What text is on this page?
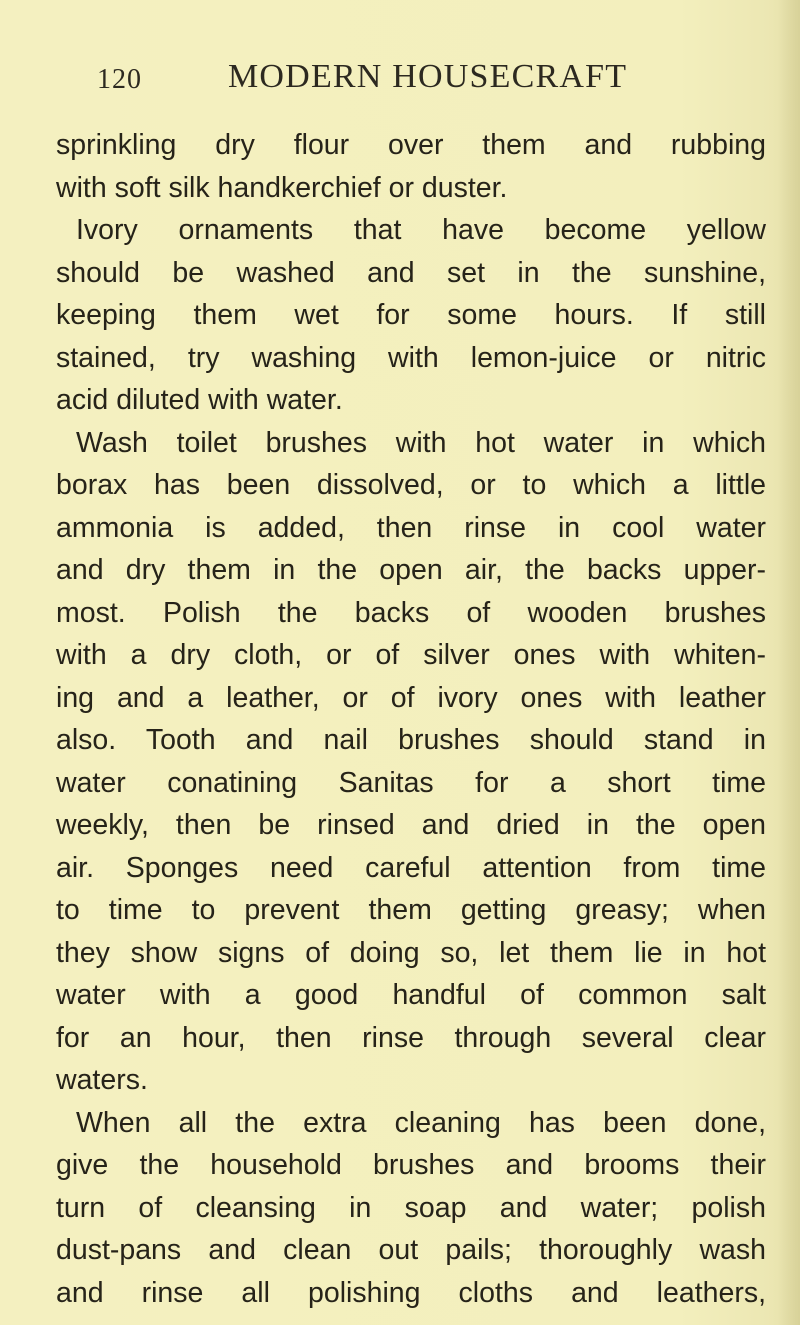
120	MODERN HOUSECRAFT
sprinkling dry flour over them and rubbing
with soft silk handkerchief or duster.
Ivory ornaments that have become yellow
should be washed and set in the sunshine,
keeping them wet for some hours. If still
stained, try washing with lemon-juice or nitric
acid diluted with water.
Wash toilet brushes with hot water in which
borax has been dissolved, or to which a little
ammonia is added, then rinse in cool water
and dry them in the open air, the backs upper-
most. Polish the backs of wooden brushes
with a dry cloth, or of silver ones with whiten-
ing and a leather, or of ivory ones with leather
also. Tooth and nail brushes should stand in
water conatining Sanitas for a short time
weekly, then be rinsed and dried in the open
air. Sponges need careful attention from time
to time to prevent them getting greasy; when
they show signs of doing so, let them lie in hot
water with a good handful of common salt
for an hour, then rinse through several clear
waters.
When all the extra cleaning has been done,
give the household brushes and brooms their
turn of cleansing in soap and water; polish
dust-pans and clean out pails; thoroughly wash
and rinse all polishing cloths and leathers,
